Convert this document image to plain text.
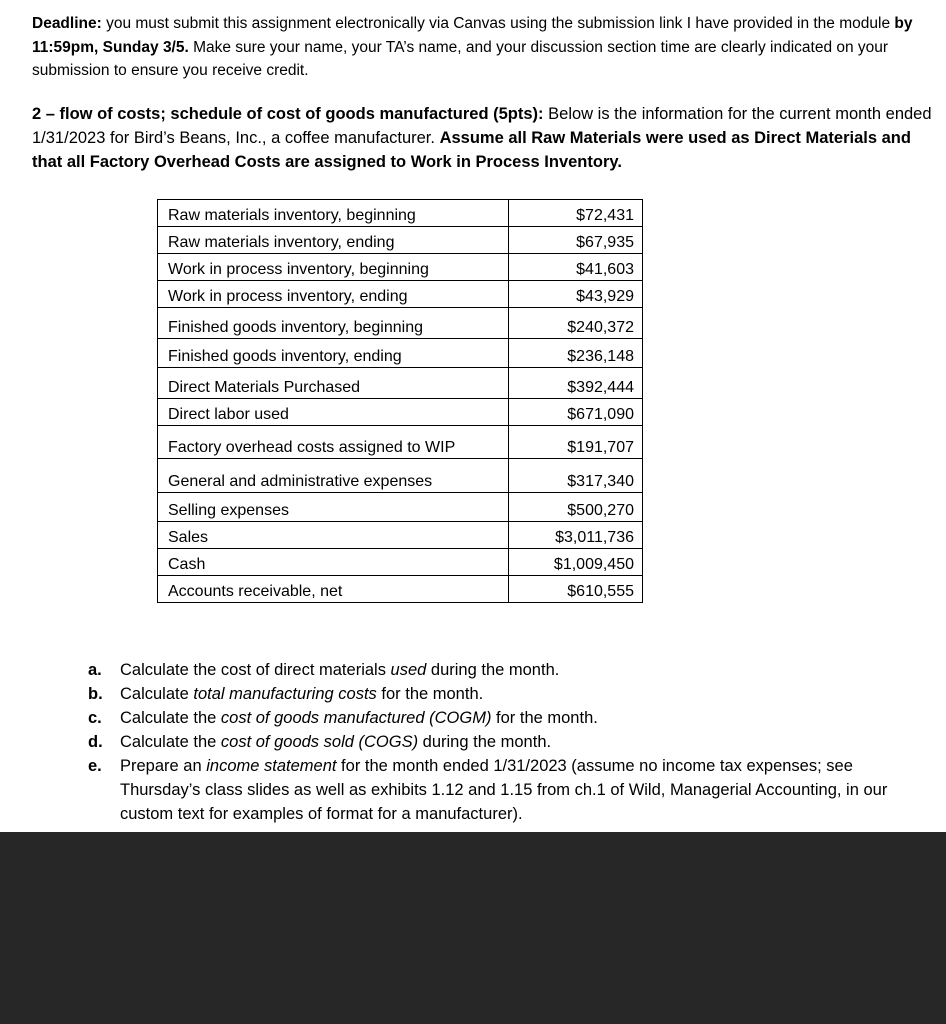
Deadline: you must submit this assignment electronically via Canvas using the submission link I have provided in the module by 11:59pm, Sunday 3/5. Make sure your name, your TA’s name, and your discussion section time are clearly indicated on your submission to ensure you receive credit.

2 – flow of costs; schedule of cost of goods manufactured (5pts): Below is the information for the current month ended 1/31/2023 for Bird’s Beans, Inc., a coffee manufacturer. Assume all Raw Materials were used as Direct Materials and that all Factory Overhead Costs are assigned to Work in Process Inventory.

Raw materials inventory, beginning	$72,431
Raw materials inventory, ending	$67,935
Work in process inventory, beginning	$41,603
Work in process inventory, ending	$43,929
Finished goods inventory, beginning	$240,372
Finished goods inventory, ending	$236,148
Direct Materials Purchased	$392,444
Direct labor used	$671,090
Factory overhead costs assigned to WIP	$191,707
General and administrative expenses	$317,340
Selling expenses	$500,270
Sales	$3,011,736
Cash	$1,009,450
Accounts receivable, net	$610,555
a. Calculate the cost of direct materials used during the month.
b. Calculate total manufacturing costs for the month.
c. Calculate the cost of goods manufactured (COGM) for the month.
d. Calculate the cost of goods sold (COGS) during the month.
e. Prepare an income statement for the month ended 1/31/2023 (assume no income tax expenses; see Thursday’s class slides as well as exhibits 1.12 and 1.15 from ch.1 of Wild, Managerial Accounting, in our custom text for examples of format for a manufacturer).
